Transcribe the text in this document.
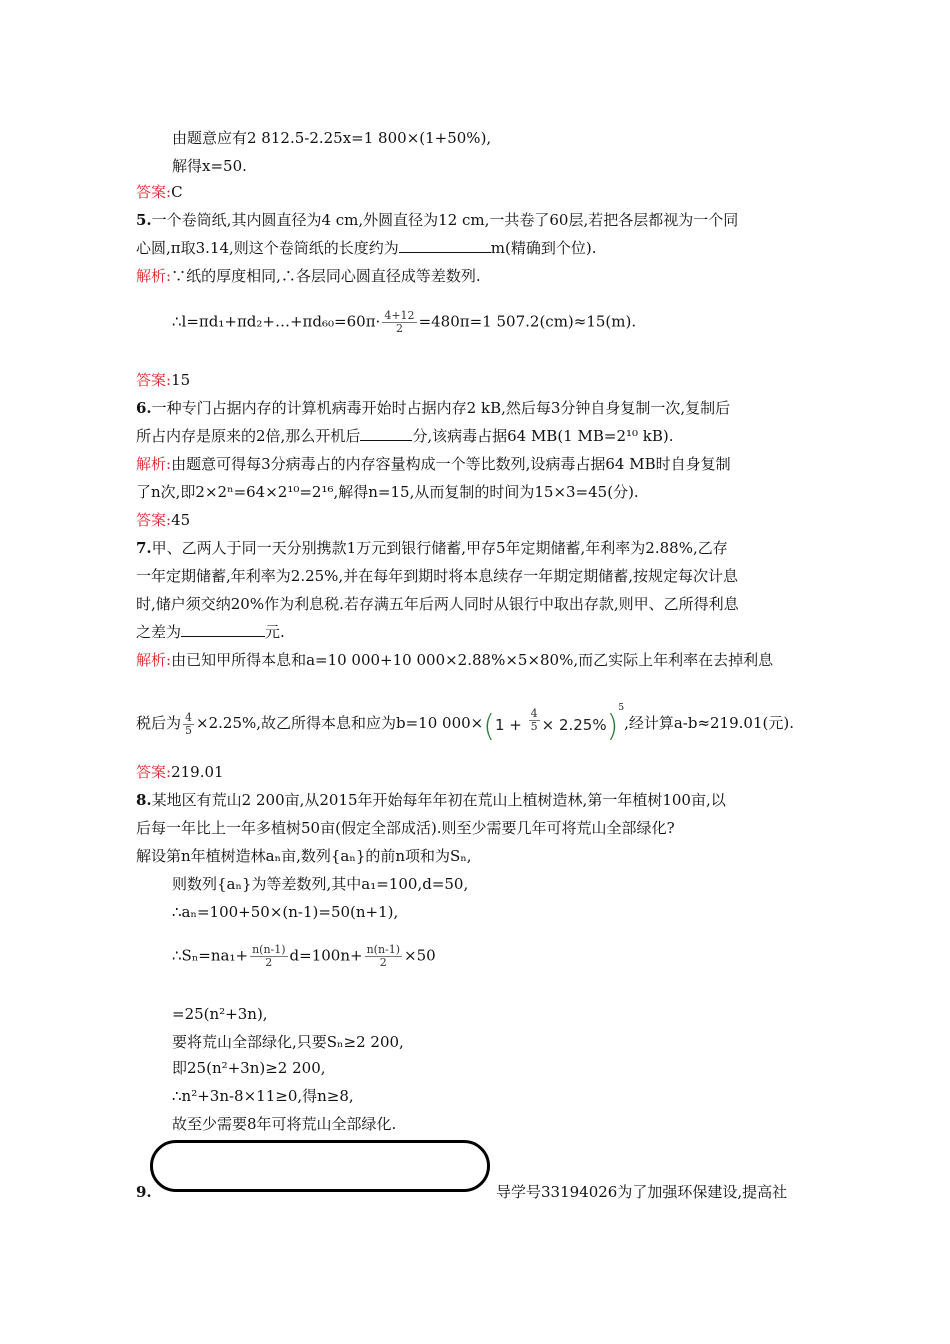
由题意应有2 812.5-2.25x=1 800×(1+50%),
解得x=50.
答案:C
5.一个卷筒纸,其内圆直径为4 cm,外圆直径为12 cm,一共卷了60层,若把各层都视为一个同
心圆,π取3.14,则这个卷筒纸的长度约为	m(精确到个位).
解析:∵纸的厚度相同,∴各层同心圆直径成等差数列.
∴l=πd₁+πd₂+…+πd₆₀=60π· $\frac{4+12}{2} =480\pi=1$ 507.2(cm)≈15(m).
答案:15
6.一种专门占据内存的计算机病毒开始时占据内存2 kB,然后每3分钟自身复制一次,复制后
所占内存是原来的2倍,那么开机后	分,该病毒占据64 MB(1 MB=2¹⁰ kB).
解析:由题意可得每3分病毒占的内存容量构成一个等比数列,设病毒占据64 MB时自身复制
了n次,即2×2ⁿ=64×2¹⁰=2¹⁶,解得n=15,从而复制的时间为15×3=45(分).
答案:45
7.甲、乙两人于同一天分别携款1万元到银行储蓄,甲存5年定期储蓄,年利率为2.88%,乙存
一年定期储蓄,年利率为2.25%,并在每年到期时将本息续存一年期定期储蓄,按规定每次计息
时,储户须交纳20%作为利息税.若存满五年后两人同时从银行中取出存款,则甲、乙所得利息
之差为	元.
解析:由已知甲所得本息和a=10 000+10 000×2.88%×5×80%,而乙实际上年利率在去掉利息
税后为 $\frac{4}{5} \times 2.25\%$,故乙所得本息和应为b=10 $000\times(1 + \frac{4}{5} \times 2.25\%)^5$,经计算a-b≈219.01(元).
答案:219.01
8.某地区有荒山2 200亩,从2015年开始每年年初在荒山上植树造林,第一年植树100亩,以
后每一年比上一年多植树50亩(假定全部成活).则至少需要几年可将荒山全部绿化?
解设第n年植树造林aₙ亩,数列{aₙ}的前n项和为Sₙ,
则数列{aₙ}为等差数列,其中a₁=100,d=50,
∴aₙ=100+50×(n-1)=50(n+1),
∴Sₙ=na₁+ $\frac{n(n-1)}{2} d=100n+ \frac{n(n-1)}{2} \times 50$
=25(n²+3n),
要将荒山全部绿化,只要Sₙ≥2 200,
即25(n²+3n)≥2 200,
∴n²+3n-8×11≥0,得n≥8,
故至少需要8年可将荒山全部绿化.
9.	导学号33194026为了加强环保建设,提高社
